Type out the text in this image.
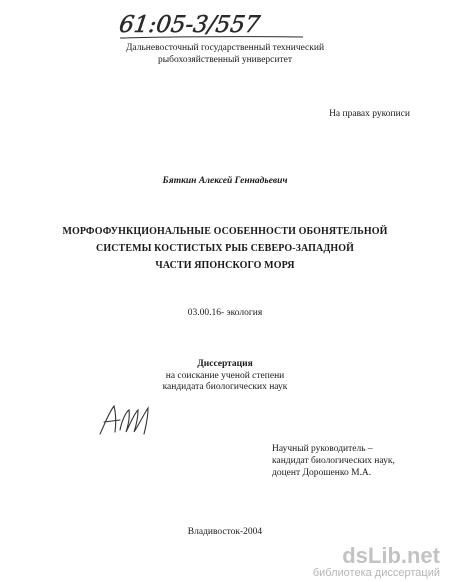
61:05-3/557
Дальневосточный государственный технический
рыбохозяйственный университет
На правах рукописи
Бяткин Алексей Геннадьевич
МОРФОФУНКЦИОНАЛЬНЫЕ ОСОБЕННОСТИ ОБОНЯТЕЛЬНОЙ
СИСТЕМЫ КОСТИСТЫХ РЫБ СЕВЕРО-ЗАПАДНОЙ
ЧАСТИ ЯПОНСКОГО МОРЯ
03.00.16- экология
Диссертация
на соискание ученой степени
кандидата биологических наук
Научный руководитель –
кандидат биологических наук,
доцент Дорошенко М.А.
Владивосток-2004
dsLib.net
библиотека диссертаций
